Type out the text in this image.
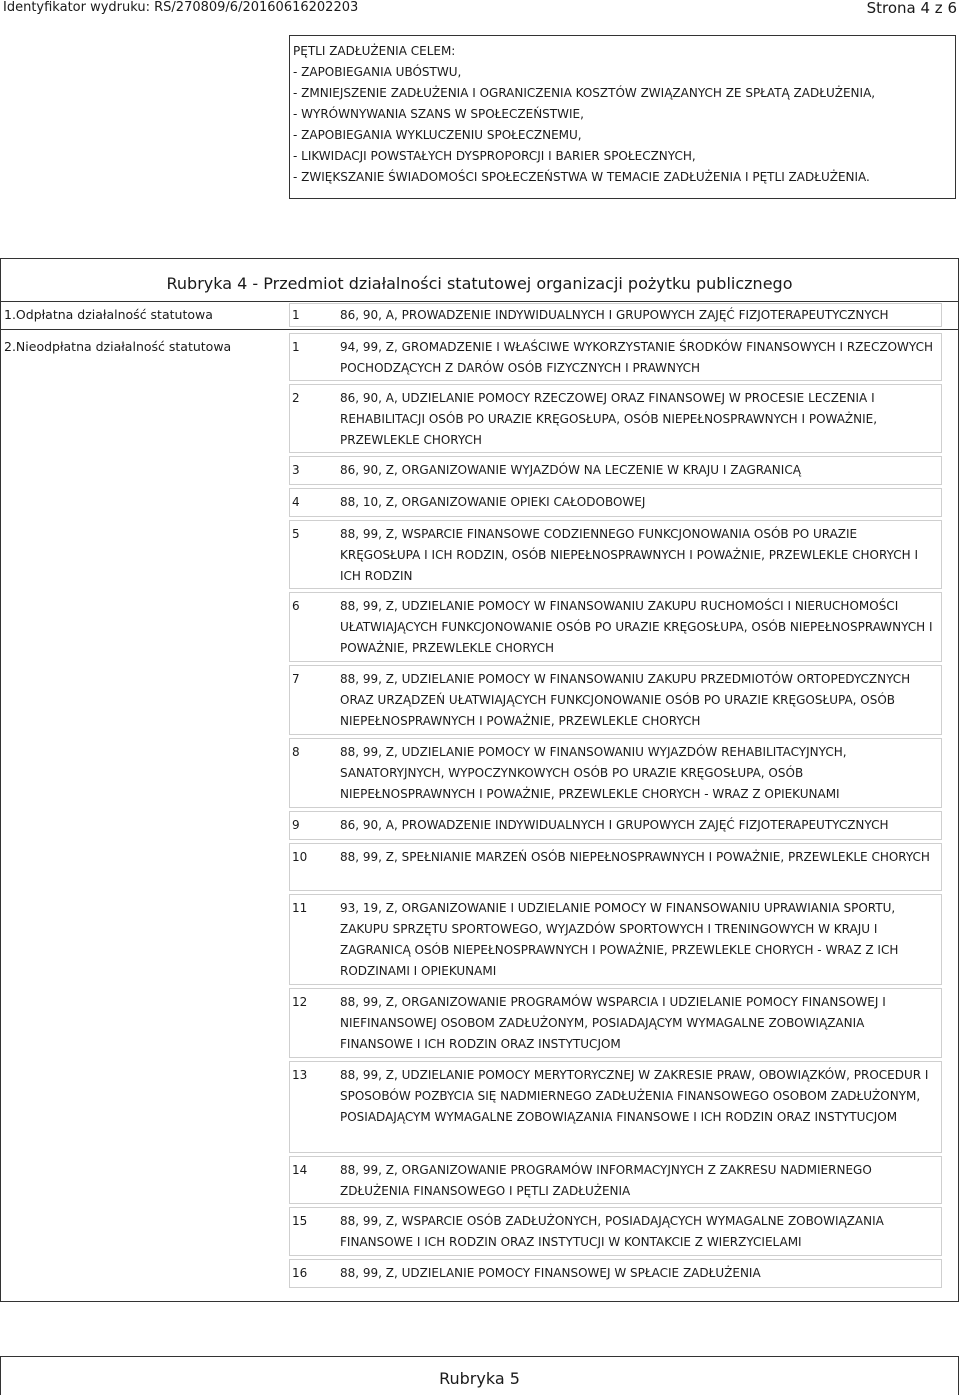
Identyfikator wydruku: RS/270809/6/20160616202203	Strona 4 z 6
PĘTLI ZADŁUŻENIA CELEM:
- ZAPOBIEGANIA UBÓSTWU,
- ZMNIEJSZENIE ZADŁUŻENIA I OGRANICZENIA KOSZTÓW ZWIĄZANYCH ZE SPŁATĄ ZADŁUŻENIA,
- WYRÓWNYWANIA SZANS W SPOŁECZEŃSTWIE,
- ZAPOBIEGANIA WYKLUCZENIU SPOŁECZNEMU,
- LIKWIDACJI POWSTAŁYCH DYSPROPORCJI I BARIER SPOŁECZNYCH,
- ZWIĘKSZANIE ŚWIADOMOŚCI SPOŁECZEŃSTWA W TEMACIE ZADŁUŻENIA I PĘTLI ZADŁUŻENIA.
Rubryka 4 - Przedmiot działalności statutowej organizacji pożytku publicznego
1.Odpłatna działalność statutowa	1	86, 90, A, PROWADZENIE INDYWIDUALNYCH I GRUPOWYCH ZAJĘĆ FIZJOTERAPEUTYCZNYCH
2.Nieodpłatna działalność statutowa	1	94, 99, Z, GROMADZENIE I WŁAŚCIWE WYKORZYSTANIE ŚRODKÓW FINANSOWYCH I RZECZOWYCH POCHODZĄCYCH Z DARÓW OSÓB FIZYCZNYCH I PRAWNYCH
2	86, 90, A, UDZIELANIE POMOCY RZECZOWEJ ORAZ FINANSOWEJ W PROCESIE LECZENIA I REHABILITACJI OSÓB PO URAZIE KRĘGOSŁUPA, OSÓB NIEPEŁNOSPRAWNYCH I POWAŻNIE, PRZEWLEKLE CHORYCH
3	86, 90, Z, ORGANIZOWANIE WYJAZDÓW NA LECZENIE W KRAJU I ZAGRANICĄ
4	88, 10, Z, ORGANIZOWANIE OPIEKI CAŁODOBOWEJ
5	88, 99, Z, WSPARCIE FINANSOWE CODZIENNEGO FUNKCJONOWANIA OSÓB PO URAZIE KRĘGOSŁUPA I ICH RODZIN, OSÓB NIEPEŁNOSPRAWNYCH I POWAŻNIE, PRZEWLEKLE CHORYCH I ICH RODZIN
6	88, 99, Z, UDZIELANIE POMOCY W FINANSOWANIU ZAKUPU RUCHOMOŚCI I NIERUCHOMOŚCI UŁATWIAJĄCYCH FUNKCJONOWANIE OSÓB PO URAZIE KRĘGOSŁUPA, OSÓB NIEPEŁNOSPRAWNYCH I POWAŻNIE, PRZEWLEKLE CHORYCH
7	88, 99, Z, UDZIELANIE POMOCY W FINANSOWANIU ZAKUPU PRZEDMIOTÓW ORTOPEDYCZNYCH ORAZ URZĄDZEŃ UŁATWIAJĄCYCH FUNKCJONOWANIE OSÓB PO URAZIE KRĘGOSŁUPA, OSÓB NIEPEŁNOSPRAWNYCH I POWAŻNIE, PRZEWLEKLE CHORYCH
8	88, 99, Z, UDZIELANIE POMOCY W FINANSOWANIU WYJAZDÓW REHABILITACYJNYCH, SANATORYJNYCH, WYPOCZYNKOWYCH OSÓB PO URAZIE KRĘGOSŁUPA, OSÓB NIEPEŁNOSPRAWNYCH I POWAŻNIE, PRZEWLEKLE CHORYCH - WRAZ Z OPIEKUNAMI
9	86, 90, A, PROWADZENIE INDYWIDUALNYCH I GRUPOWYCH ZAJĘĆ FIZJOTERAPEUTYCZNYCH
10	88, 99, Z, SPEŁNIANIE MARZEŃ OSÓB NIEPEŁNOSPRAWNYCH I POWAŻNIE, PRZEWLEKLE CHORYCH
11	93, 19, Z, ORGANIZOWANIE I UDZIELANIE POMOCY W FINANSOWANIU UPRAWIANIA SPORTU, ZAKUPU SPRZĘTU SPORTOWEGO, WYJAZDÓW SPORTOWYCH I TRENINGOWYCH W KRAJU I ZAGRANICĄ OSÓB NIEPEŁNOSPRAWNYCH I POWAŻNIE, PRZEWLEKLE CHORYCH - WRAZ Z ICH RODZINAMI I OPIEKUNAMI
12	88, 99, Z, ORGANIZOWANIE PROGRAMÓW WSPARCIA I UDZIELANIE POMOCY FINANSOWEJ I NIEFINANSOWEJ OSOBOM ZADŁUŻONYM, POSIADAJĄCYM WYMAGALNE ZOBOWIĄZANIA FINANSOWE I ICH RODZIN ORAZ INSTYTUCJOM
13	88, 99, Z, UDZIELANIE POMOCY MERYTORYCZNEJ W ZAKRESIE PRAW, OBOWIĄZKÓW, PROCEDUR I SPOSOBÓW POZBYCIA SIĘ NADMIERNEGO ZADŁUŻENIA FINANSOWEGO OSOBOM ZADŁUŻONYM, POSIADAJĄCYM WYMAGALNE ZOBOWIĄZANIA FINANSOWE I ICH RODZIN ORAZ INSTYTUCJOM
14	88, 99, Z, ORGANIZOWANIE PROGRAMÓW INFORMACYJNYCH Z ZAKRESU NADMIERNEGO ZDŁUŻENIA FINANSOWEGO I PĘTLI ZADŁUŻENIA
15	88, 99, Z, WSPARCIE OSÓB ZADŁUŻONYCH, POSIADAJĄCYCH WYMAGALNE ZOBOWIĄZANIA FINANSOWE I ICH RODZIN ORAZ INSTYTUCJI W KONTAKCIE Z WIERZYCIELAMI
16	88, 99, Z, UDZIELANIE POMOCY FINANSOWEJ W SPŁACIE ZADŁUŻENIA
Rubryka 5
